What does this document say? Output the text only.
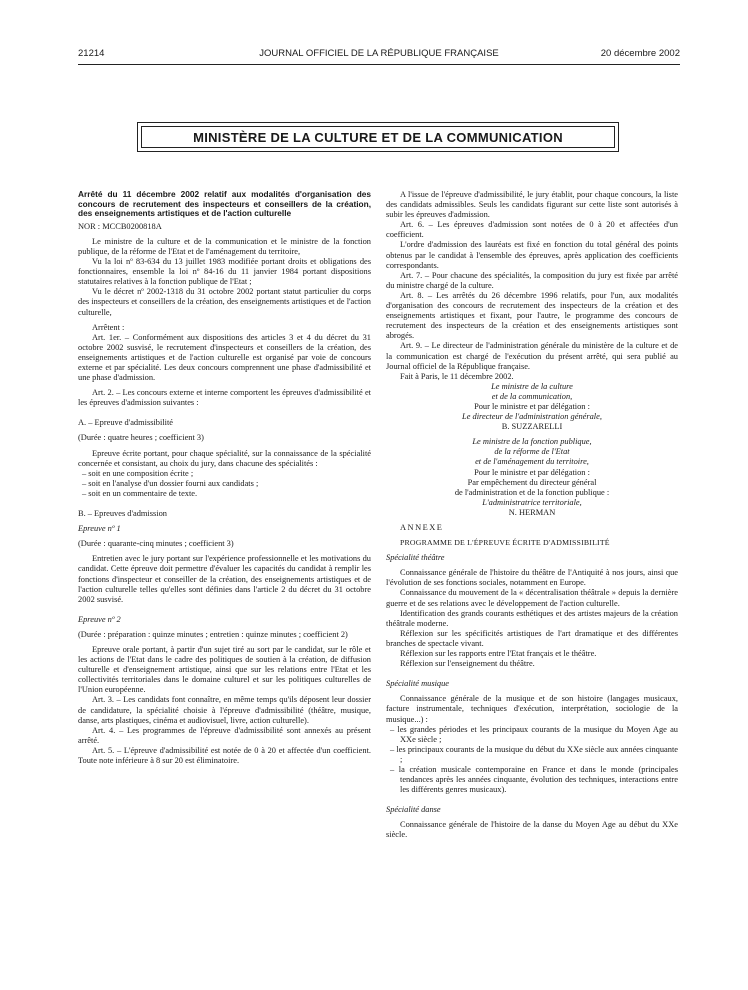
21214	JOURNAL OFFICIEL DE LA RÉPUBLIQUE FRANÇAISE	20 décembre 2002
MINISTÈRE DE LA CULTURE ET DE LA COMMUNICATION
Arrêté du 11 décembre 2002 relatif aux modalités d'organisation des concours de recrutement des inspecteurs et conseillers de la création, des enseignements artistiques et de l'action culturelle

NOR : MCCB0200818A

Le ministre de la culture et de la communication et le ministre de la fonction publique, de la réforme de l'Etat et de l'aménagement du territoire,

Vu la loi nº 83-634 du 13 juillet 1983 modifiée portant droits et obligations des fonctionnaires, ensemble la loi nº 84-16 du 11 janvier 1984 portant dispositions statutaires relatives à la fonction publique de l'Etat ;

Vu le décret nº 2002-1318 du 31 octobre 2002 portant statut particulier du corps des inspecteurs et conseillers de la création, des enseignements artistiques et de l'action culturelle,

Arrêtent :

Art. 1er. – Conformément aux dispositions des articles 3 et 4 du décret du 31 octobre 2002 susvisé, le recrutement d'inspecteurs et conseillers de la création, des enseignements artistiques et de l'action culturelle est organisé par voie de concours externe et par spécialité. Les deux concours comprennent une phase d'admissibilité et une phase d'admission.

Art. 2. – Les concours externe et interne comportent les épreuves d'admissibilité et les épreuves d'admission suivantes :

A. – Epreuve d'admissibilité

(Durée : quatre heures ; coefficient 3)

Epreuve écrite portant, pour chaque spécialité, sur la connaissance de la spécialité concernée et consistant, au choix du jury, dans chacune des spécialités :

– soit en une composition écrite ;

– soit en l'analyse d'un dossier fourni aux candidats ;

– soit en un commentaire de texte.

B. – Epreuves d'admission

Epreuve nº 1

(Durée : quarante-cinq minutes ; coefficient 3)

Entretien avec le jury portant sur l'expérience professionnelle et les motivations du candidat. Cette épreuve doit permettre d'évaluer les capacités du candidat à remplir les fonctions d'inspecteur et conseiller de la création, des enseignements artistiques et de l'action culturelle telles qu'elles sont définies dans l'article 2 du décret du 31 octobre 2002 susvisé.

Epreuve nº 2

(Durée : préparation : quinze minutes ; entretien : quinze minutes ; coefficient 2)

Epreuve orale portant, à partir d'un sujet tiré au sort par le candidat, sur le rôle et les actions de l'Etat dans le cadre des politiques de soutien à la création, de diffusion culturelle et d'enseignement artistique, ainsi que sur les relations entre l'Etat et les collectivités territoriales dans le domaine culturel et sur les politiques culturelles de l'Union européenne.

Art. 3. – Les candidats font connaître, en même temps qu'ils déposent leur dossier de candidature, la spécialité choisie à l'épreuve d'admissibilité (théâtre, musique, danse, arts plastiques, cinéma et audiovisuel, livre, action culturelle).

Art. 4. – Les programmes de l'épreuve d'admissibilité sont annexés au présent arrêté.

Art. 5. – L'épreuve d'admissibilité est notée de 0 à 20 et affectée d'un coefficient. Toute note inférieure à 8 sur 20 est éliminatoire.

A l'issue de l'épreuve d'admissibilité, le jury établit, pour chaque concours, la liste des candidats admissibles. Seuls les candidats figurant sur cette liste sont autorisés à subir les épreuves d'admission.

Art. 6. – Les épreuves d'admission sont notées de 0 à 20 et affectées d'un coefficient.

L'ordre d'admission des lauréats est fixé en fonction du total général des points obtenus par le candidat à l'ensemble des épreuves, après application des coefficients correspondants.

Art. 7. – Pour chacune des spécialités, la composition du jury est fixée par arrêté du ministre chargé de la culture.

Art. 8. – Les arrêtés du 26 décembre 1996 relatifs, pour l'un, aux modalités d'organisation des concours de recrutement des inspecteurs de la création et des enseignements artistiques et fixant, pour l'autre, le programme des concours de recrutement des inspecteurs de la création et des enseignements artistiques sont abrogés.

Art. 9. – Le directeur de l'administration générale du ministère de la culture et de la communication est chargé de l'exécution du présent arrêté, qui sera publié au Journal officiel de la République française.

Fait à Paris, le 11 décembre 2002.

Le ministre de la culture
et de la communication,
Pour le ministre et par délégation :
Le directeur de l'administration générale,
B. SUZZARELLI
Le ministre de la fonction publique,
de la réforme de l'Etat
et de l'aménagement du territoire,
Pour le ministre et par délégation :
Par empêchement du directeur général
de l'administration et de la fonction publique :
L'administratrice territoriale,
N. HERMAN

ANNEXE

PROGRAMME DE L'ÉPREUVE ÉCRITE D'ADMISSIBILITÉ

Spécialité théâtre

Connaissance générale de l'histoire du théâtre de l'Antiquité à nos jours, ainsi que l'évolution de ses fonctions sociales, notamment en Europe.

Connaissance du mouvement de la « décentralisation théâtrale » depuis la dernière guerre et de ses relations avec le développement de l'action culturelle.

Identification des grands courants esthétiques et des artistes majeurs de la création théâtrale moderne.

Réflexion sur les spécificités artistiques de l'art dramatique et des différentes branches de spectacle vivant.

Réflexion sur les rapports entre l'Etat français et le théâtre.

Réflexion sur l'enseignement du théâtre.

Spécialité musique

Connaissance générale de la musique et de son histoire (langages musicaux, facture instrumentale, techniques d'exécution, interprétation, sociologie de la musique...) :

– les grandes périodes et les principaux courants de la musique du Moyen Age au XXe siècle ;

– les principaux courants de la musique du début du XXe siècle aux années cinquante ;

– la création musicale contemporaine en France et dans le monde (principales tendances après les années cinquante, évolution des techniques, interactions entre les différents genres musicaux).

Spécialité danse

Connaissance générale de l'histoire de la danse du Moyen Age au début du XXe siècle.
